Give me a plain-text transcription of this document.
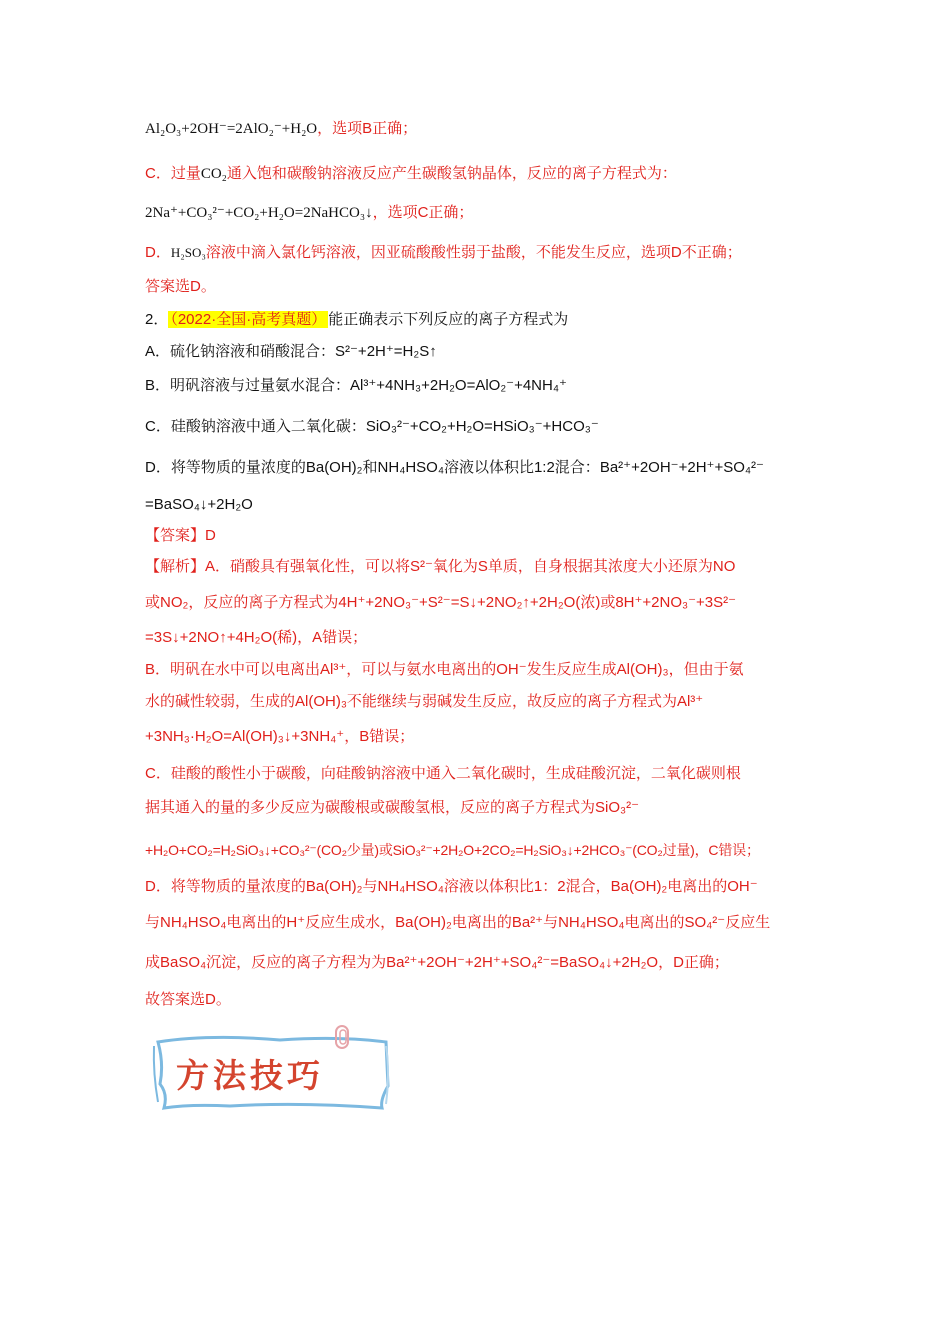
Al₂O₃+2OH⁻=2AlO₂⁻+H₂O，选项B正确；
C．过量CO₂通入饱和碳酸钠溶液反应产生碳酸氢钠晶体，反应的离子方程式为：
2Na⁺+CO₃²⁻+CO₂+H₂O=2NaHCO₃↓，选项C正确；
D．H₂SO₃溶液中滴入氯化钙溶液，因亚硫酸酸性弱于盐酸，不能发生反应，选项D不正确；
答案选D。
2． （2022·全国·高考真题） 能正确表示下列反应的离子方程式为
A．硫化钠溶液和硝酸混合：S²⁻+2H⁺=H₂S↑
B．明矾溶液与过量氨水混合：Al³⁺+4NH₃+2H₂O=AlO₂⁻+4NH₄⁺
C．硅酸钠溶液中通入二氧化碳：SiO₃²⁻+CO₂+H₂O=HSiO₃⁻+HCO₃⁻
D．将等物质的量浓度的Ba(OH)₂和NH₄HSO₄溶液以体积比1:2混合：Ba²⁺+2OH⁻+2H⁺+SO₄²⁻
=BaSO₄↓+2H₂O
【答案】D
【解析】A．硝酸具有强氧化性，可以将S²⁻氧化为S单质，自身根据其浓度大小还原为NO
或NO₂，反应的离子方程式为4H⁺+2NO₃⁻+S²⁻=S↓+2NO₂↑+2H₂O(浓)或8H⁺+2NO₃⁻+3S²⁻
=3S↓+2NO↑+4H₂O(稀)，A错误；
B．明矾在水中可以电离出Al³⁺，可以与氨水电离出的OH⁻发生反应生成Al(OH)₃，但由于氨
水的碱性较弱，生成的Al(OH)₃不能继续与弱碱发生反应，故反应的离子方程式为Al³⁺
+3NH₃·H₂O=Al(OH)₃↓+3NH₄⁺，B错误；
C．硅酸的酸性小于碳酸，向硅酸钠溶液中通入二氧化碳时，生成硅酸沉淀，二氧化碳则根
据其通入的量的多少反应为碳酸根或碳酸氢根，反应的离子方程式为SiO₃²⁻
+H₂O+CO₂=H₂SiO₃↓+CO₃²⁻(CO₂少量)或SiO₃²⁻+2H₂O+2CO₂=H₂SiO₃↓+2HCO₃⁻(CO₂过量)，C错误；
D．将等物质的量浓度的Ba(OH)₂与NH₄HSO₄溶液以体积比1：2混合，Ba(OH)₂电离出的OH⁻
与NH₄HSO₄电离出的H⁺反应生成水，Ba(OH)₂电离出的Ba²⁺与NH₄HSO₄电离出的SO₄²⁻反应生
成BaSO₄沉淀，反应的离子方程为为Ba²⁺+2OH⁻+2H⁺+SO₄²⁻=BaSO₄↓+2H₂O，D正确；
故答案选D。
方法技巧
